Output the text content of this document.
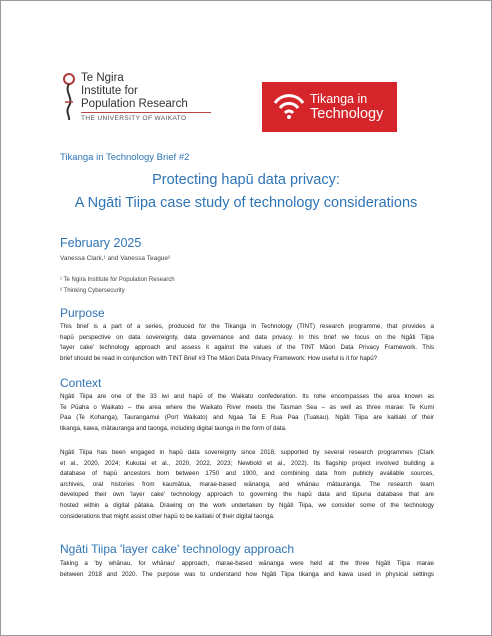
Te Ngira
Institute for
Population Research
THE UNIVERSITY OF WAIKATO
Tikanga in
Technology
Tikanga in Technology Brief #2
Protecting hapū data privacy:
A Ngāti Tiipa case study of technology considerations
February 2025
Vanessa Clark,¹ and Vanessa Teague²
¹ Te Ngira Institute for Population Research
² Thinking Cybersecurity
Purpose
This brief is a part of a series, produced for the Tikanga in Technology (TINT) research programme, that provides a
hapū perspective on data sovereignty, data governance and data privacy. In this brief we focus on the Ngāti Tiipa
'layer cake' technology approach and assess it against the values of the TINT Māori Data Privacy Framework. This
brief should be read in conjunction with TINT Brief #3 The Māori Data Privacy Framework: How useful is it for hapū?
Context
Ngāti Tiipa are one of the 33 iwi and hapū of the Waikato confederation. Its rohe encompasses the area known as
Te Pūaha o Waikato – the area where the Waikato River meets the Tasman Sea – as well as three marae: Te Kumi
Paa (Te Kohanga), Taurangamui (Port Waikato) and Ngaa Tai E Rua Paa (Tuakau). Ngāti Tiipa are kaitiaki of their
tikanga, kawa, mātauranga and taonga, including digital taonga in the form of data.
Ngāti Tiipa has been engaged in hapū data sovereignty since 2018, supported by several research programmes (Clark
et al., 2020, 2024; Kukutai et al., 2020, 2022, 2023; Newbold et al., 2022). Its flagship project involved building a
database of hapū ancestors born between 1750 and 1900, and combining data from publicly available sources,
archives, oral histories from kaumātua, marae-based wānanga, and whānau mātauranga. The research team
developed their own 'layer cake' technology approach to governing the hapū data and tūpuna database that are
hosted within a digital pātaka. Drawing on the work undertaken by Ngāti Tiipa, we consider some of the technology
considerations that might assist other hapū to be kaitiaki of their digital taonga.
Ngāti Tiipa 'layer cake' technology approach
Taking a 'by whānau, for whānau' approach, marae-based wānanga were held at the three Ngāti Tiipa marae
between 2018 and 2020. The purpose was to understand how Ngāti Tiipa tikanga and kawa used in physical settings
